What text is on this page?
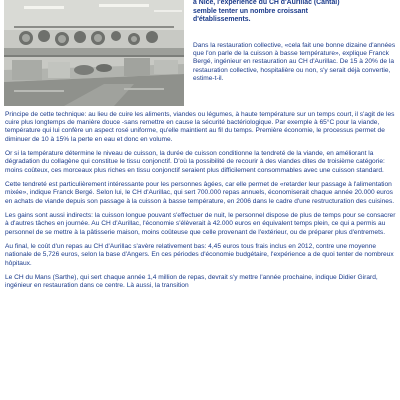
à Nice, l'expérience du CH d'Aurillac (Cantal)

semble tenter un nombre croissant

d'établissements.

Dans la restauration collective, «cela fait une bonne dizaine d'années que l'on parle de la cuisson à basse température», explique Franck Bergé, ingénieur en restauration au CH d'Aurillac. De 15 à 20% de la restauration collective, hospitalière ou non, s'y serait déjà convertie, estime-t-il.

Principe de cette technique: au lieu de cuire les aliments, viandes ou légumes, à haute température sur un temps court, il s'agit de les cuire plus longtemps de manière douce -sans remettre en cause la sécurité bactériologique. Par exemple à 65°C pour la viande, température qui lui confère un aspect rosé uniforme, qu'elle maintient au fil du temps. Première économie, le processus permet de diminuer de 10 à 15% la perte en eau et donc en volume.

Or si la température détermine le niveau de cuisson, la durée de cuisson conditionne la tendreté de la viande, en améliorant la dégradation du collagène qui constitue le tissu conjonctif. D'où la possibilité de recourir à des viandes dites de troisième catégorie: moins coûteux, ces morceaux plus riches en tissu conjonctif seraient plus difficilement consommables avec une cuisson standard.

Cette tendreté est particulièrement intéressante pour les personnes âgées, car elle permet de «retarder leur passage à l'alimentation mixée», indique Franck Bergé. Selon lui, le CH d'Aurillac, qui sert 700.000 repas annuels, économiserait chaque année 20.000 euros en achats de viande depuis son passage à la cuisson à basse température, en 2006 dans le cadre d'une restructuration des cuisines.

Les gains sont aussi indirects: la cuisson longue pouvant s'effectuer de nuit, le personnel dispose de plus de temps pour se consacrer à d'autres tâches en journée. Au CH d'Aurillac, l'économie s'élèverait à 42.000 euros en équivalent temps plein, ce qui a permis au personnel de se mettre à la pâtisserie maison, moins coûteuse que celle provenant de l'extérieur, ou de préparer plus d'entremets.

Au final, le coût d'un repas au CH d'Aurillac s'avère relativement bas: 4,45 euros tous frais inclus en 2012, contre une moyenne nationale de 5,726 euros, selon la base d'Angers. En ces périodes d'économie budgétaire, l'expérience a de quoi tenter de nombreux hôpitaux.

Le CH du Mans (Sarthe), qui sert chaque année 1,4 million de repas, devrait s'y mettre l'année prochaine, indique Didier Girard, ingénieur en restauration dans ce centre. Là aussi, la transition
